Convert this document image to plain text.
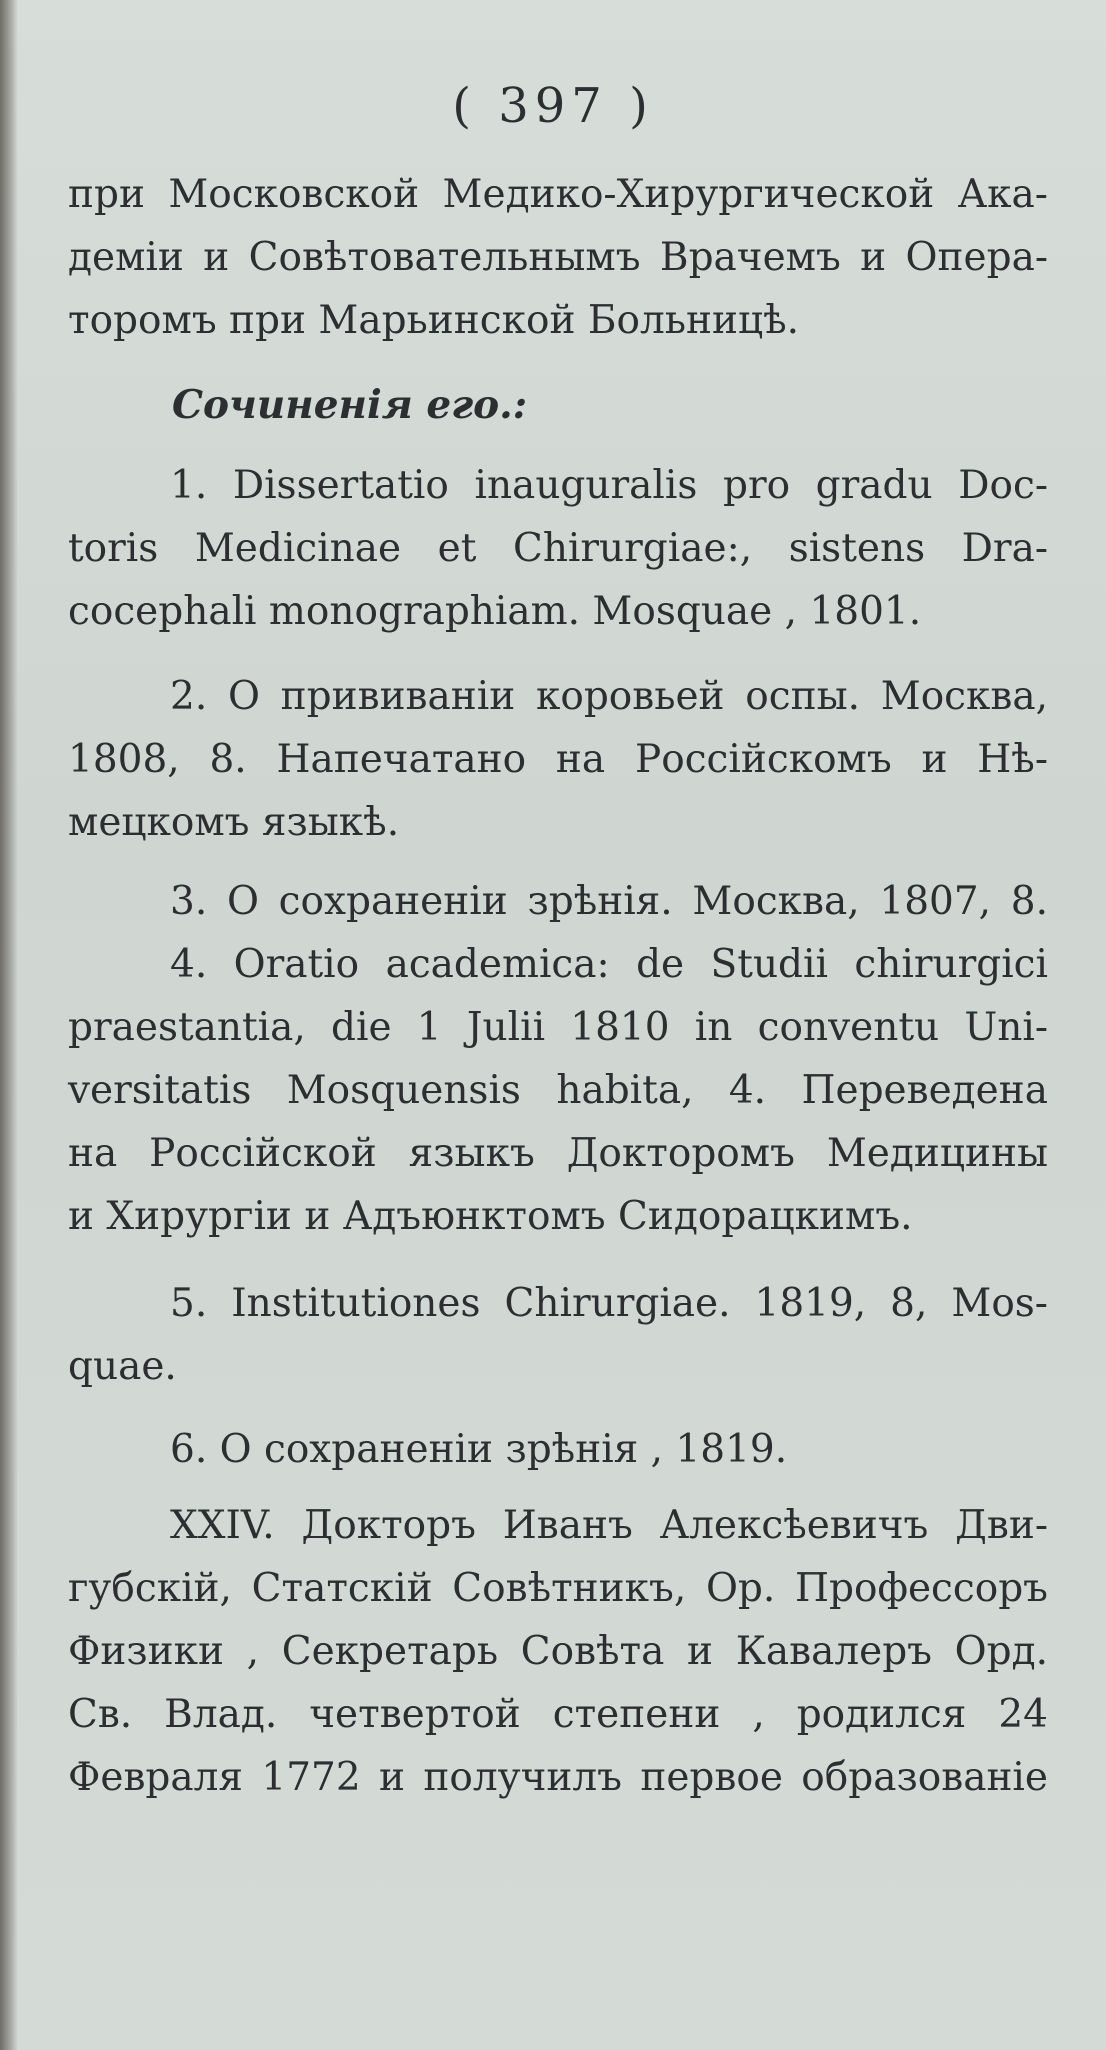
( 397 )
при Московской Медико-Хирургической Ака-
деміи и Совѣтовательнымъ Врачемъ и Опера-
торомъ при Марьинской Больницѣ.
Сочиненія его.:
1. Dissertatio inauguralis pro gradu Doc-
toris Medicinae et Chirurgiae:, sistens Dra-
cocephali monographiam. Mosquae , 1801.
2. О прививаніи коровьей оспы. Москва,
1808, 8. Напечатано на Россійскомъ и Нѣ-
мецкомъ языкѣ.
3. О сохраненіи зрѣнія. Москва, 1807, 8.
4. Oratio academica: de Studii chirurgici
praestantia, die 1 Julii 1810 in conventu Uni-
versitatis Mosquensis habita, 4. Переведена
на Россійской языкъ Докторомъ Медицины
и Хирургіи и Адъюнктомъ Сидорацкимъ.
5. Institutiones Chirurgiae. 1819, 8, Mos-
quae.
6. О сохраненіи зрѣнія , 1819.
XXIV. Докторъ Иванъ Алексѣевичъ Дви-
губскій, Статскій Совѣтникъ, Ор. Профессоръ
Физики , Секретарь Совѣта и Кавалеръ Орд.
Св. Влад. четвертой степени , родился 24
Февраля 1772 и получилъ первое образованіе
